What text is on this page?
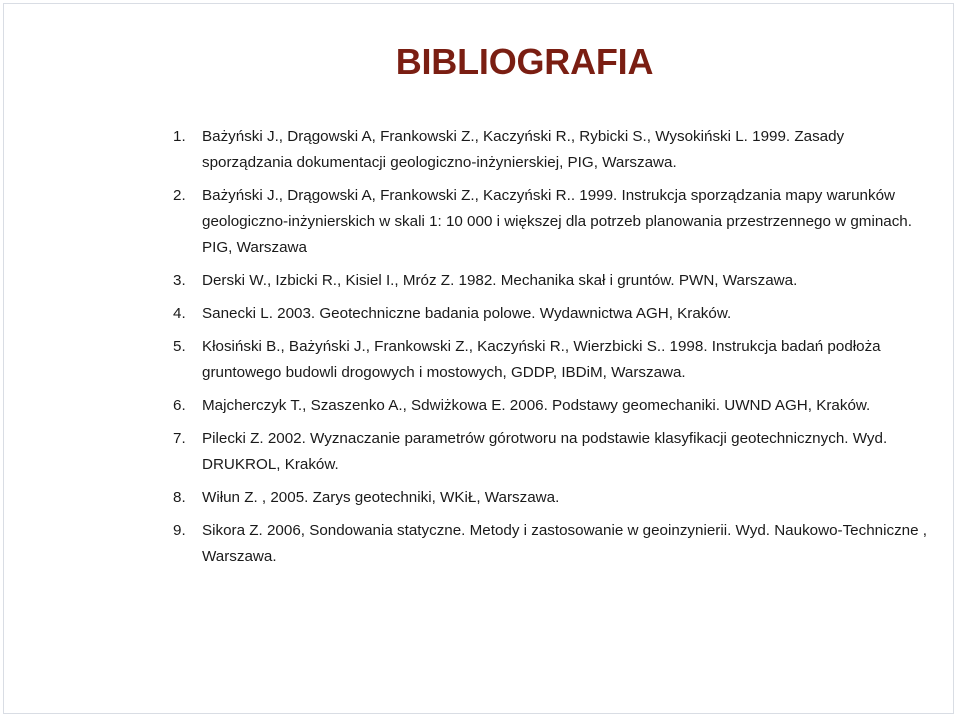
BIBLIOGRAFIA
1. Bażyński J., Drągowski A, Frankowski Z., Kaczyński R., Rybicki S., Wysokiński L. 1999. Zasady sporządzania dokumentacji geologiczno-inżynierskiej, PIG, Warszawa.
2. Bażyński J., Drągowski A, Frankowski Z., Kaczyński R.. 1999. Instrukcja sporządzania mapy warunków geologiczno-inżynierskich w skali 1: 10 000 i większej dla potrzeb planowania przestrzennego w gminach. PIG, Warszawa
3. Derski W., Izbicki R., Kisiel I., Mróz Z. 1982. Mechanika skał i gruntów. PWN, Warszawa.
4. Sanecki L. 2003. Geotechniczne badania polowe. Wydawnictwa AGH, Kraków.
5. Kłosiński B., Bażyński J., Frankowski Z., Kaczyński R., Wierzbicki S.. 1998. Instrukcja badań podłoża gruntowego budowli drogowych i mostowych, GDDP, IBDiM, Warszawa.
6. Majcherczyk T., Szaszenko A., Sdwiżkowa E. 2006. Podstawy geomechaniki. UWND AGH, Kraków.
7. Pilecki Z. 2002. Wyznaczanie parametrów górotworu na podstawie klasyfikacji geotechnicznych. Wyd. DRUKROL, Kraków.
8. Wiłun Z. , 2005. Zarys geotechniki, WKiŁ, Warszawa.
9. Sikora Z. 2006, Sondowania statyczne. Metody i zastosowanie w geoinzynierii. Wyd. Naukowo-Techniczne , Warszawa.
